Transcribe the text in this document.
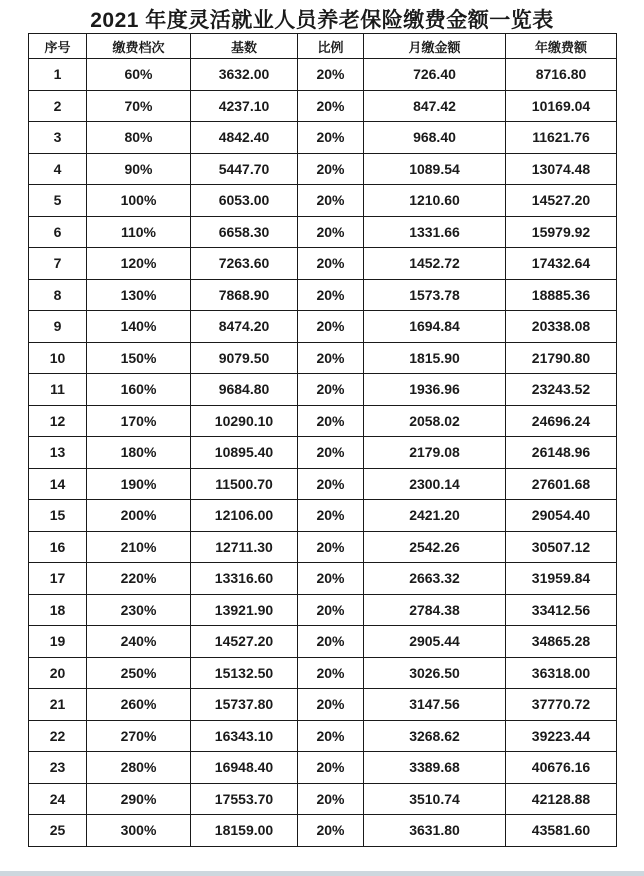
2021 年度灵活就业人员养老保险缴费金额一览表
序号	缴费档次	基数	比例	月缴金额	年缴费额
1	60%	3632.00	20%	726.40	8716.80
2	70%	4237.10	20%	847.42	10169.04
3	80%	4842.40	20%	968.40	11621.76
4	90%	5447.70	20%	1089.54	13074.48
5	100%	6053.00	20%	1210.60	14527.20
6	110%	6658.30	20%	1331.66	15979.92
7	120%	7263.60	20%	1452.72	17432.64
8	130%	7868.90	20%	1573.78	18885.36
9	140%	8474.20	20%	1694.84	20338.08
10	150%	9079.50	20%	1815.90	21790.80
11	160%	9684.80	20%	1936.96	23243.52
12	170%	10290.10	20%	2058.02	24696.24
13	180%	10895.40	20%	2179.08	26148.96
14	190%	11500.70	20%	2300.14	27601.68
15	200%	12106.00	20%	2421.20	29054.40
16	210%	12711.30	20%	2542.26	30507.12
17	220%	13316.60	20%	2663.32	31959.84
18	230%	13921.90	20%	2784.38	33412.56
19	240%	14527.20	20%	2905.44	34865.28
20	250%	15132.50	20%	3026.50	36318.00
21	260%	15737.80	20%	3147.56	37770.72
22	270%	16343.10	20%	3268.62	39223.44
23	280%	16948.40	20%	3389.68	40676.16
24	290%	17553.70	20%	3510.74	42128.88
25	300%	18159.00	20%	3631.80	43581.60
